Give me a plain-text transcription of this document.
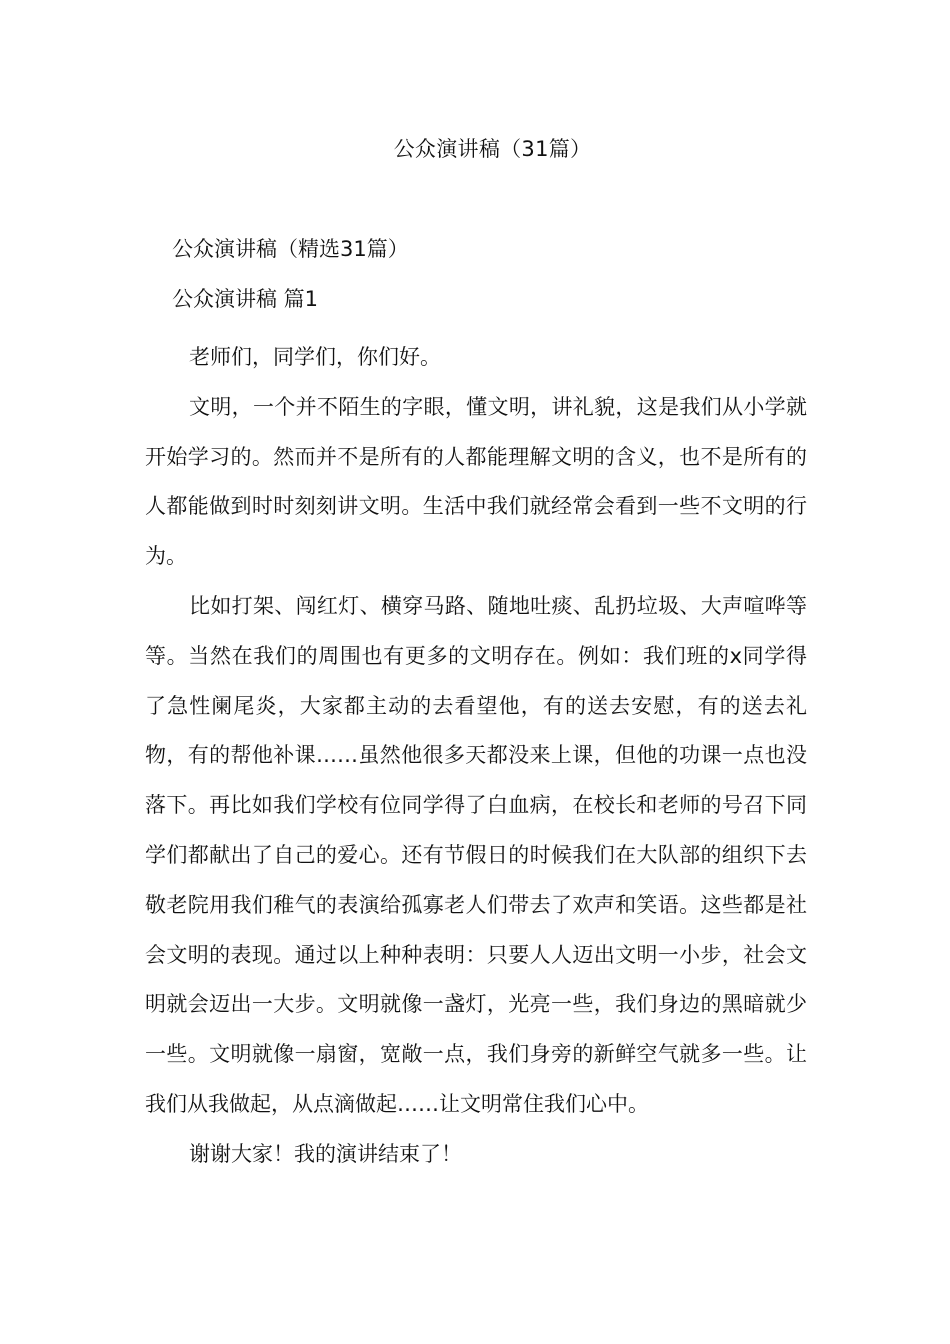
公众演讲稿（31篇）
公众演讲稿（精选31篇）
公众演讲稿 篇1

老师们，同学们，你们好。

文明，一个并不陌生的字眼，懂文明，讲礼貌，这是我们从小学就开始学习的。然而并不是所有的人都能理解文明的含义，也不是所有的人都能做到时时刻刻讲文明。生活中我们就经常会看到一些不文明的行为。

比如打架、闯红灯、横穿马路、随地吐痰、乱扔垃圾、大声喧哗等等。当然在我们的周围也有更多的文明存在。例如：我们班的x同学得了急性阑尾炎，大家都主动的去看望他，有的送去安慰，有的送去礼物，有的帮他补课……虽然他很多天都没来上课，但他的功课一点也没落下。再比如我们学校有位同学得了白血病，在校长和老师的号召下同学们都献出了自己的爱心。还有节假日的时候我们在大队部的组织下去敬老院用我们稚气的表演给孤寡老人们带去了欢声和笑语。这些都是社会文明的表现。通过以上种种表明：只要人人迈出文明一小步，社会文明就会迈出一大步。文明就像一盏灯，光亮一些，我们身边的黑暗就少一些。文明就像一扇窗，宽敞一点，我们身旁的新鲜空气就多一些。让我们从我做起，从点滴做起……让文明常住我们心中。

谢谢大家！我的演讲结束了！
